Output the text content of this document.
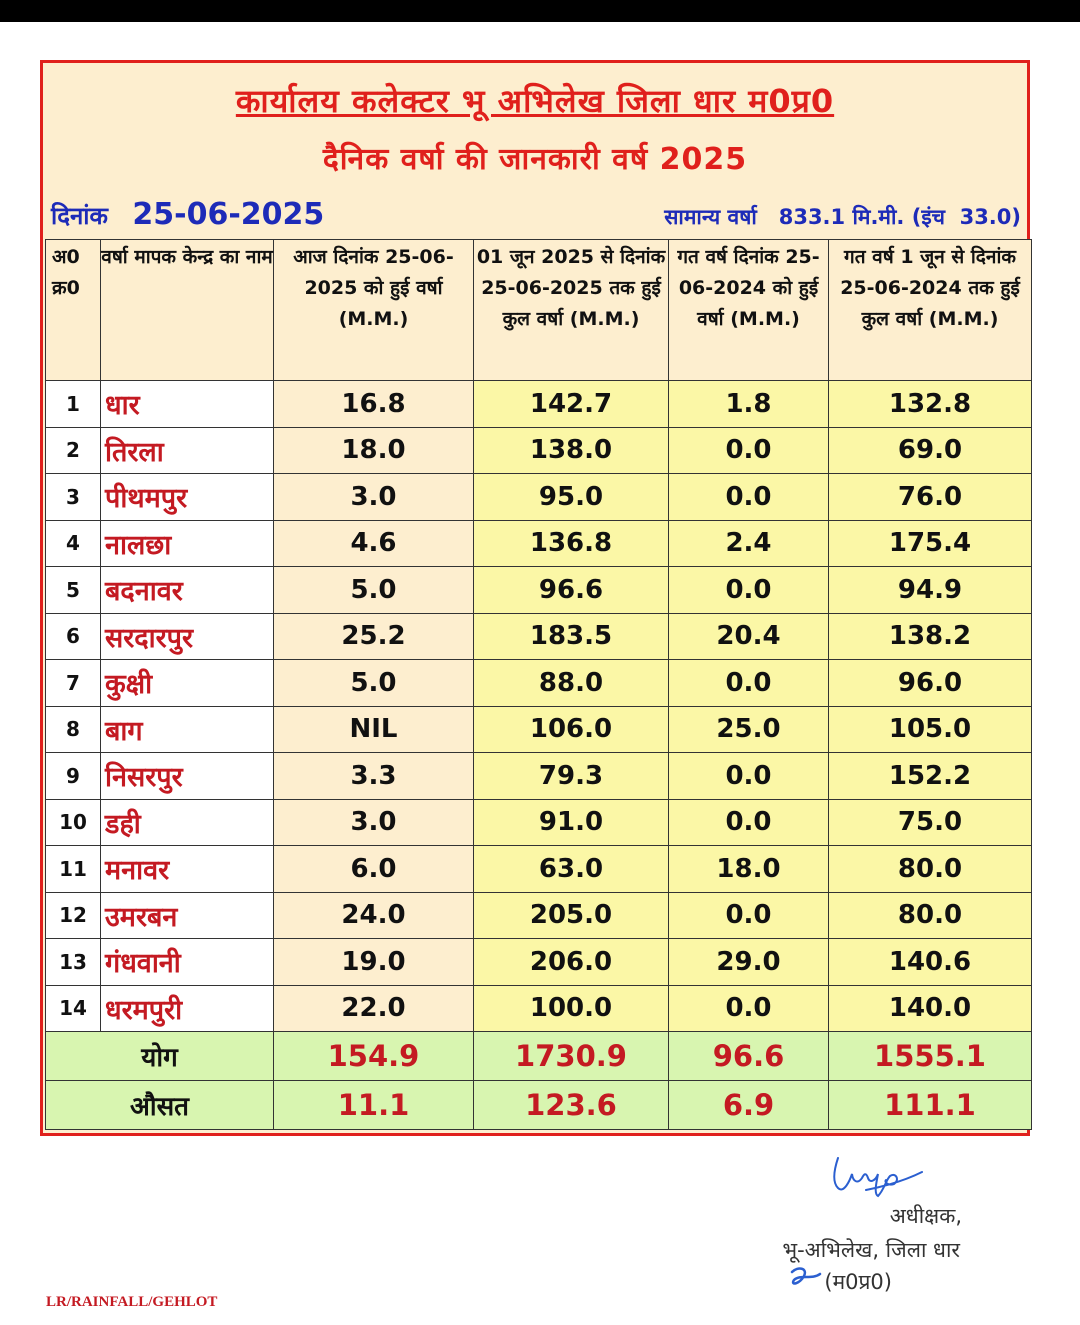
कार्यालय कलेक्टर भू अभिलेख जिला धार म0प्र0
दैनिक वर्षा की जानकारी वर्ष 2025
दिनांक 25-06-2025	सामान्य वर्षा   833.1 मि.मी. (इंच  33.0)
अ0 क्र0	वर्षा मापक केन्द्र का नाम	आज दिनांक 25-06-2025 को हुई वर्षा (M.M.)	01 जून 2025 से दिनांक 25-06-2025 तक हुई कुल वर्षा (M.M.)	गत वर्ष दिनांक 25-06-2024 को हुई वर्षा (M.M.)	गत वर्ष 1 जून से दिनांक 25-06-2024 तक हुई कुल वर्षा (M.M.)
1	धार	16.8	142.7	1.8	132.8
2	तिरला	18.0	138.0	0.0	69.0
3	पीथमपुर	3.0	95.0	0.0	76.0
4	नालछा	4.6	136.8	2.4	175.4
5	बदनावर	5.0	96.6	0.0	94.9
6	सरदारपुर	25.2	183.5	20.4	138.2
7	कुक्षी	5.0	88.0	0.0	96.0
8	बाग	NIL	106.0	25.0	105.0
9	निसरपुर	3.3	79.3	0.0	152.2
10	डही	3.0	91.0	0.0	75.0
11	मनावर	6.0	63.0	18.0	80.0
12	उमरबन	24.0	205.0	0.0	80.0
13	गंधवानी	19.0	206.0	29.0	140.6
14	धरमपुरी	22.0	100.0	0.0	140.0
योग		154.9	1730.9	96.6	1555.1
औसत		11.1	123.6	6.9	111.1
अधीक्षक,
भू-अभिलेख, जिला धार
(म0प्र0)
LR/RAINFALL/GEHLOT
